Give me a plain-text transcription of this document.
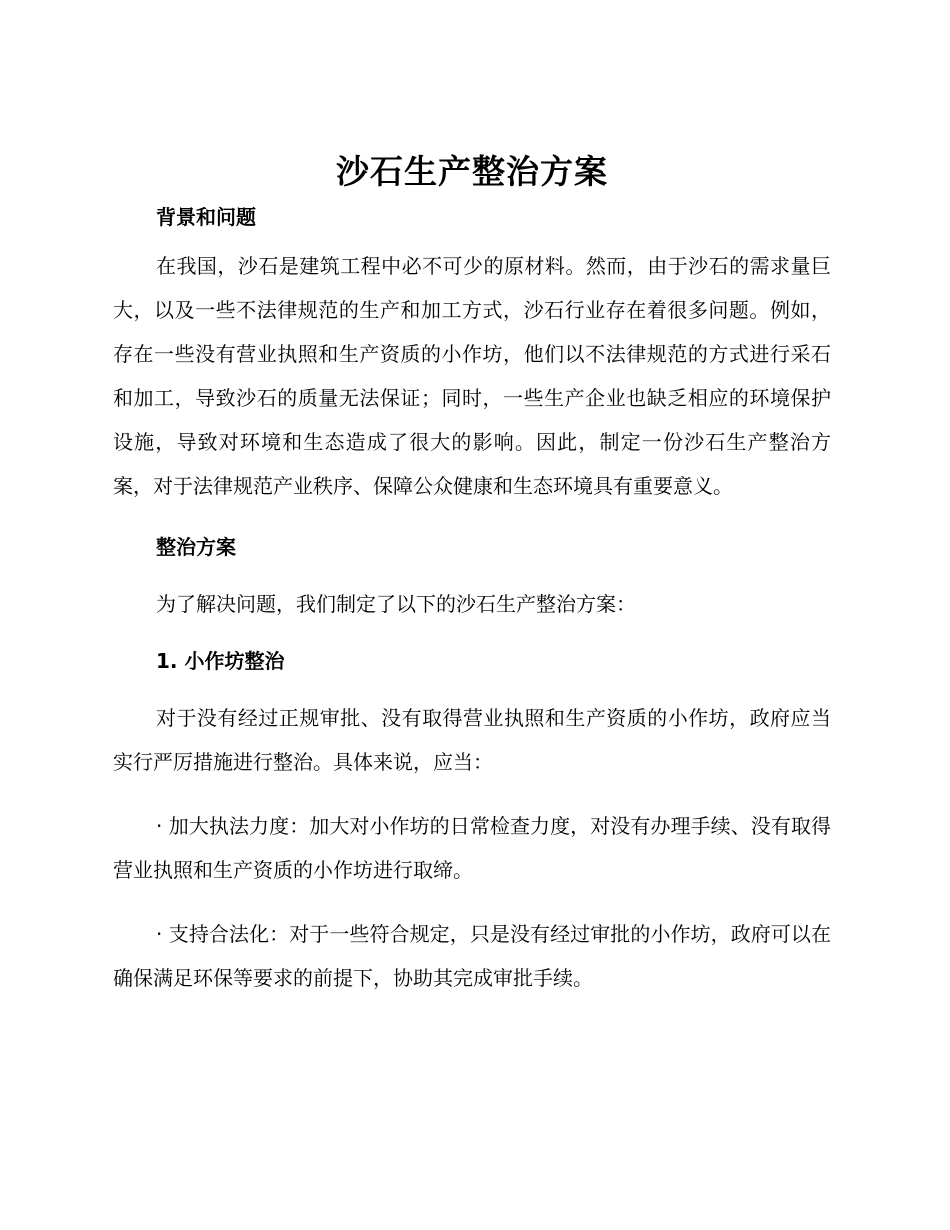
沙石生产整治方案
背景和问题

在我国，沙石是建筑工程中必不可少的原材料。然而，由于沙石的需求量巨大，以及一些不法律规范的生产和加工方式，沙石行业存在着很多问题。例如，存在一些没有营业执照和生产资质的小作坊，他们以不法律规范的方式进行采石和加工，导致沙石的质量无法保证；同时，一些生产企业也缺乏相应的环境保护设施，导致对环境和生态造成了很大的影响。因此，制定一份沙石生产整治方案，对于法律规范产业秩序、保障公众健康和生态环境具有重要意义。

整治方案

为了解决问题，我们制定了以下的沙石生产整治方案：

1. 小作坊整治

对于没有经过正规审批、没有取得营业执照和生产资质的小作坊，政府应当实行严厉措施进行整治。具体来说，应当：

· 加大执法力度：加大对小作坊的日常检查力度，对没有办理手续、没有取得营业执照和生产资质的小作坊进行取缔。

· 支持合法化：对于一些符合规定，只是没有经过审批的小作坊，政府可以在确保满足环保等要求的前提下，协助其完成审批手续。
